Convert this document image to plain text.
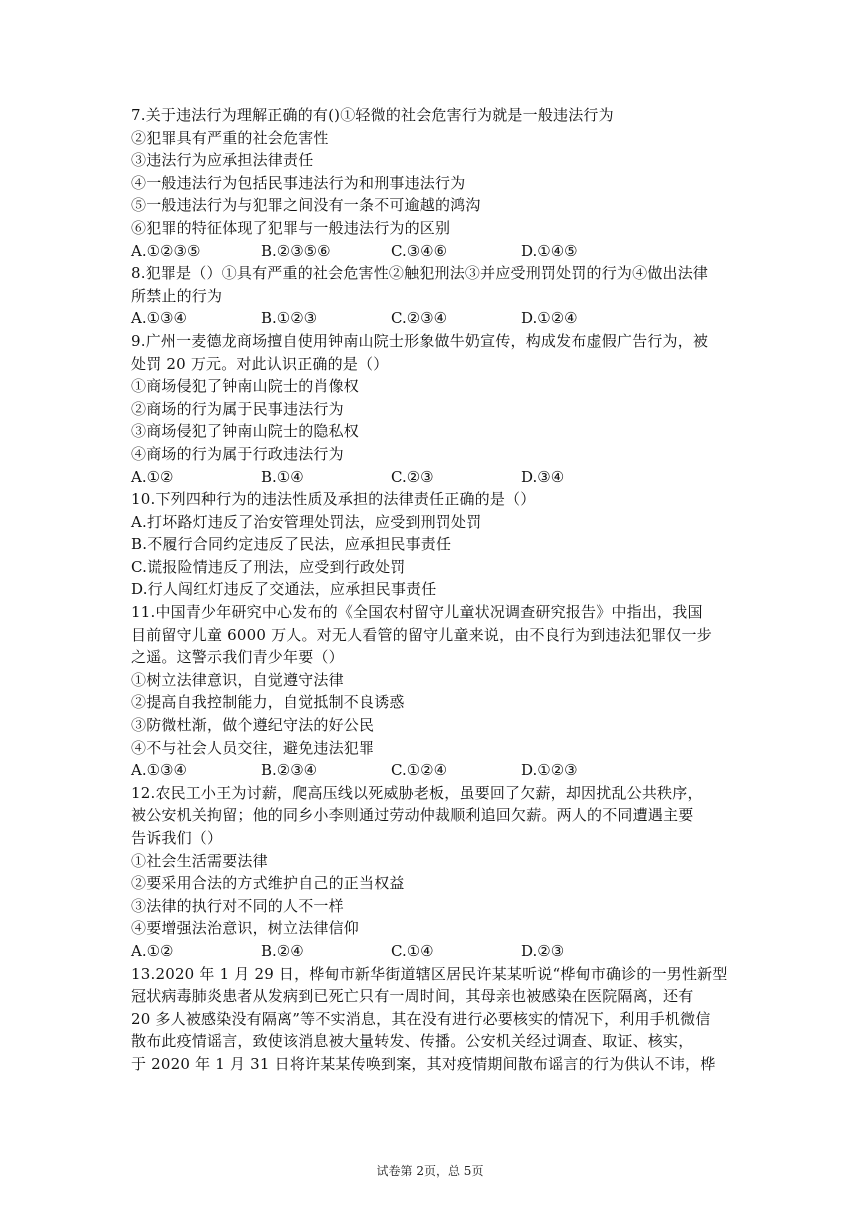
7.关于违法行为理解正确的有()①轻微的社会危害行为就是一般违法行为
②犯罪具有严重的社会危害性
③违法行为应承担法律责任
④一般违法行为包括民事违法行为和刑事违法行为
⑤一般违法行为与犯罪之间没有一条不可逾越的鸿沟
⑥犯罪的特征体现了犯罪与一般违法行为的区别
A.①②③⑤	B.②③⑤⑥	C.③④⑥	D.①④⑤
8.犯罪是（）①具有严重的社会危害性②触犯刑法③并应受刑罚处罚的行为④做出法律
所禁止的行为
A.①③④	B.①②③	C.②③④	D.①②④
9.广州一麦德龙商场擅自使用钟南山院士形象做牛奶宣传，构成发布虚假广告行为，被
处罚 20 万元。对此认识正确的是（）
①商场侵犯了钟南山院士的肖像权
②商场的行为属于民事违法行为
③商场侵犯了钟南山院士的隐私权
④商场的行为属于行政违法行为
A.①②	B.①④	C.②③	D.③④
10.下列四种行为的违法性质及承担的法律责任正确的是（）
A.打坏路灯违反了治安管理处罚法，应受到刑罚处罚
B.不履行合同约定违反了民法，应承担民事责任
C.谎报险情违反了刑法，应受到行政处罚
D.行人闯红灯违反了交通法，应承担民事责任
11.中国青少年研究中心发布的《全国农村留守儿童状况调查研究报告》中指出，我国
目前留守儿童 6000 万人。对无人看管的留守儿童来说，由不良行为到违法犯罪仅一步
之遥。这警示我们青少年要（）
①树立法律意识，自觉遵守法律
②提高自我控制能力，自觉抵制不良诱惑
③防微杜渐，做个遵纪守法的好公民
④不与社会人员交往，避免违法犯罪
A.①③④	B.②③④	C.①②④	D.①②③
12.农民工小王为讨薪，爬高压线以死威胁老板，虽要回了欠薪，却因扰乱公共秩序，
被公安机关拘留；他的同乡小李则通过劳动仲裁顺利追回欠薪。两人的不同遭遇主要
告诉我们（）
①社会生活需要法律
②要采用合法的方式维护自己的正当权益
③法律的执行对不同的人不一样
④要增强法治意识，树立法律信仰
A.①②	B.②④	C.①④	D.②③
13.2020 年 1 月 29 日，桦甸市新华街道辖区居民许某某听说“桦甸市确诊的一男性新型
冠状病毒肺炎患者从发病到已死亡只有一周时间，其母亲也被感染在医院隔离，还有
20 多人被感染没有隔离”等不实消息，其在没有进行必要核实的情况下，利用手机微信
散布此疫情谣言，致使该消息被大量转发、传播。公安机关经过调查、取证、核实，
于 2020 年 1 月 31 日将许某某传唤到案，其对疫情期间散布谣言的行为供认不讳，桦
试卷第 2页，总 5页
